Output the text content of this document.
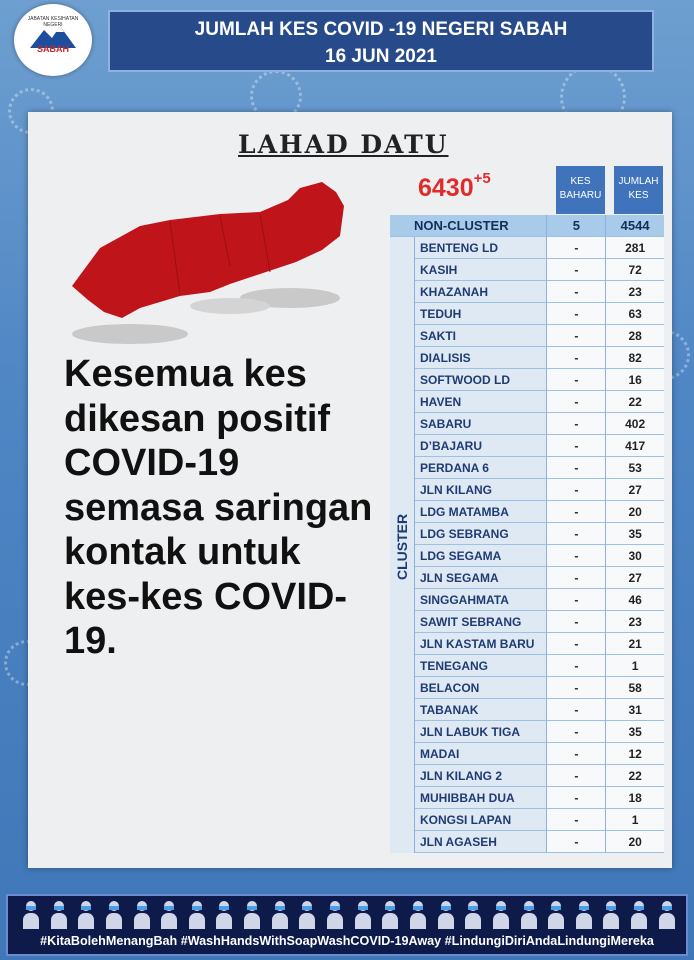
JABATAN KESIHATAN NEGERI
SABAH
JUMLAH KES COVID -19 NEGERI SABAH
16 JUN 2021
LAHAD DATU
Kesemua kes dikesan positif COVID-19 semasa saringan kontak untuk kes-kes COVID-19.
$6430^{+5}$	KES BAHARU
JUMLAH KES
NON-CLUSTER	5	4544
BENTENG LD	-	281
KASIH	-	72
KHAZANAH	-	23
TEDUH	-	63
SAKTI	-	28
DIALISIS	-	82
SOFTWOOD LD	-	16
HAVEN	-	22
SABARU	-	402
D’BAJARU	-	417
PERDANA 6	-	53
JLN KILANG	-	27
LDG MATAMBA	-	20
LDG SEBRANG	-	35
LDG SEGAMA	-	30
JLN SEGAMA	-	27
SINGGAHMATA	-	46
SAWIT SEBRANG	-	23
JLN KASTAM BARU	-	21
TENEGANG	-	1
BELACON	-	58
TABANAK	-	31
JLN LABUK TIGA	-	35
MADAI	-	12
JLN KILANG 2	-	22
MUHIBBAH DUA	-	18
KONGSI LAPAN	-	1
JLN AGASEH	-	20
CLUSTER
#KitaBolehMenangBah #WashHandsWithSoapWashCOVID-19Away #LindungiDiriAndaLindungiMereka
